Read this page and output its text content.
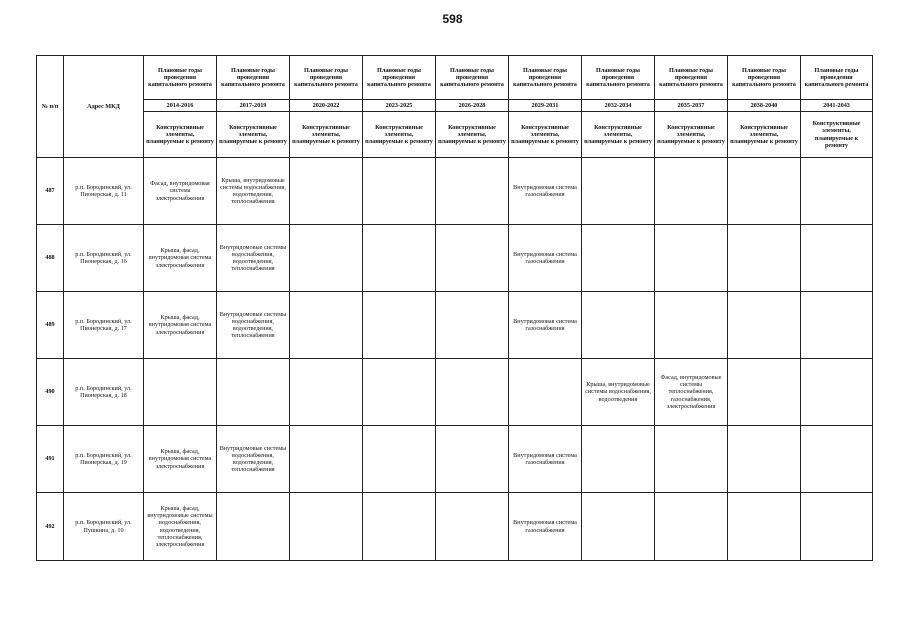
598
№ п/п	Адрес МКД	Плановые годы проведения капитального ремонта	Плановые годы проведения капитального ремонта	Плановые годы проведения капитального ремонта	Плановые годы проведения капитального ремонта	Плановые годы проведения капитального ремонта	Плановые годы проведения капитального ремонта	Плановые годы проведения капитального ремонта	Плановые годы проведения капитального ремонта	Плановые годы проведения капитального ремонта	Плановые годы проведения капитального ремонта
		2014-2016	2017-2019	2020-2022	2023-2025	2026-2028	2029-2031	2032-2034	2035-2037	2038-2040	2041-2043
		Конструктивные элементы, планируемые к ремонту	Конструктивные элементы, планируемые к ремонту	Конструктивные элементы, планируемые к ремонту	Конструктивные элементы, планируемые к ремонту	Конструктивные элементы, планируемые к ремонту	Конструктивные элементы, планируемые к ремонту	Конструктивные элементы, планируемые к ремонту	Конструктивные элементы, планируемые к ремонту	Конструктивные элементы, планируемые к ремонту	Конструктивные элементы, планируемые к ремонту
487	р.п. Бородинский, ул. Пионерская, д. 11	Фасад, внутридомовая система электроснабжения	Крыша, внутридомовые системы водоснабжения, водоотведения, теплоснабжения				Внутридомовая система газоснабжения				
488	р.п. Бородинский, ул. Пионерская, д. 16	Крыша, фасад, внутридомовая система электроснабжения	Внутридомовые системы водоснабжения, водоотведения, теплоснабжения				Внутридомовая система газоснабжения				
489	р.п. Бородинский, ул. Пионерская, д. 17	Крыша, фасад, внутридомовая система электроснабжения	Внутридомовые системы водоснабжения, водоотведения, теплоснабжения				Внутридомовая система газоснабжения				
490	р.п. Бородинский, ул. Пионерская, д. 18							Крыша, внутридомовые системы водоснабжения, водоотведения	Фасад, внутридомовые системы теплоснабжения, газоснабжения, электроснабжения		
491	р.п. Бородинский, ул. Пионерская, д. 19	Крыша, фасад, внутридомовая система электроснабжения	Внутридомовые системы водоснабжения, водоотведения, теплоснабжения				Внутридомовая система газоснабжения				
492	р.п. Бородинский, ул. Пушкина, д. 10	Крыша, фасад, внутридомовые системы водоснабжения, водоотведения, теплоснабжения, электроснабжения					Внутридомовая система газоснабжения				
